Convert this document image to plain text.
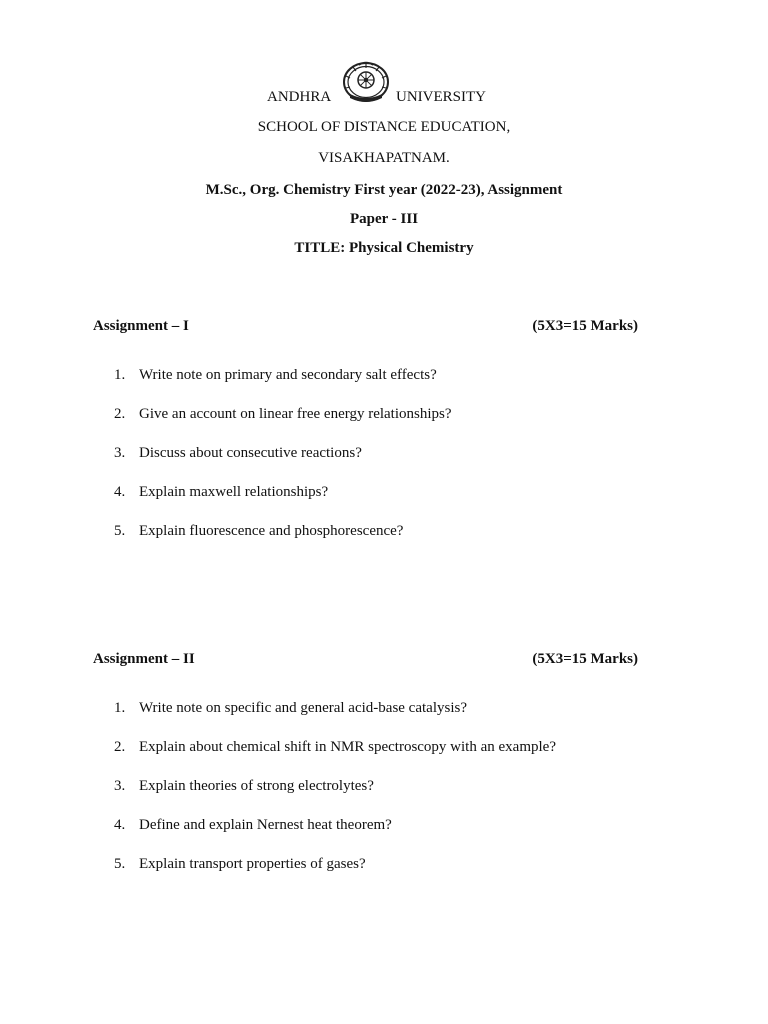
ANDHRA	UNIVERSITY
SCHOOL OF DISTANCE EDUCATION,
VISAKHAPATNAM.
M.Sc., Org. Chemistry First year (2022-23), Assignment
Paper - III
TITLE: Physical Chemistry
Assignment – I	(5X3=15 Marks)
1. Write note on primary and secondary salt effects?
2. Give an account on linear free energy relationships?
3. Discuss about consecutive reactions?
4. Explain maxwell relationships?
5. Explain fluorescence and phosphorescence?
Assignment – II	(5X3=15 Marks)
1. Write note on specific and general acid-base catalysis?
2. Explain about chemical shift in NMR spectroscopy with an example?
3. Explain theories of strong electrolytes?
4. Define and explain Nernest heat theorem?
5. Explain transport properties of gases?
